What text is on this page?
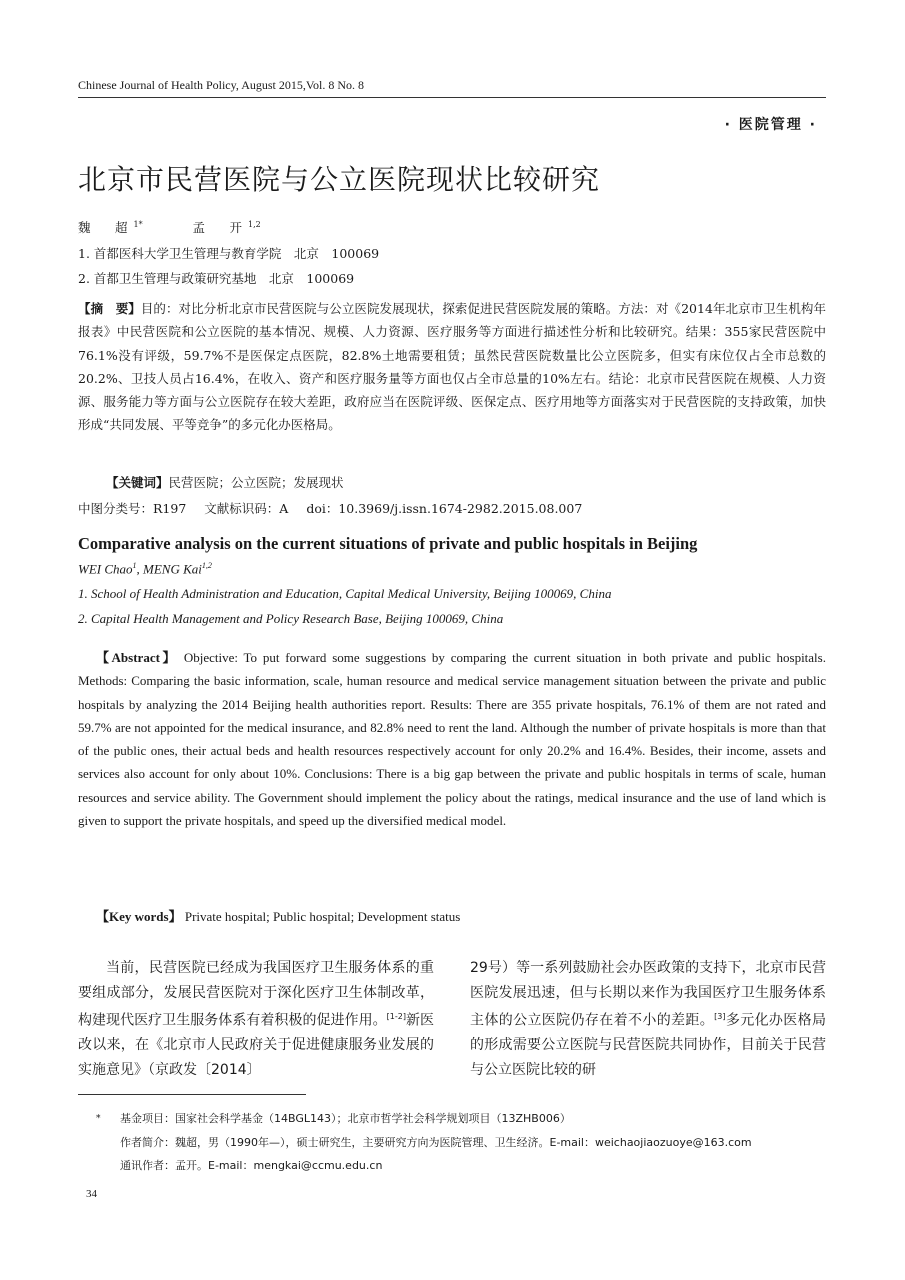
Chinese Journal of Health Policy, August 2015,Vol. 8 No. 8
· 医院管理 ·
北京市民营医院与公立医院现状比较研究
魏　超$^{1*}$	孟　开$^{1,2}$
1. 首都医科大学卫生管理与教育学院　北京　100069
2. 首都卫生管理与政策研究基地　北京　100069
【摘　要】目的：对比分析北京市民营医院与公立医院发展现状，探索促进民营医院发展的策略。方法：对《2014年北京市卫生机构年报表》中民营医院和公立医院的基本情况、规模、人力资源、医疗服务等方面进行描述性分析和比较研究。结果：355家民营医院中76.1%没有评级，59.7%不是医保定点医院，82.8%土地需要租赁；虽然民营医院数量比公立医院多，但实有床位仅占全市总数的20.2%、卫技人员占16.4%，在收入、资产和医疗服务量等方面也仅占全市总量的10%左右。结论：北京市民营医院在规模、人力资源、服务能力等方面与公立医院存在较大差距，政府应当在医院评级、医保定点、医疗用地等方面落实对于民营医院的支持政策，加快形成“共同发展、平等竞争”的多元化办医格局。
【关键词】民营医院；公立医院；发展现状
中图分类号：R197 文献标识码：A doi：10.3969/j.issn.1674-2982.2015.08.007
Comparative analysis on the current situations of private and public hospitals in Beijing
WEI Chao$^1$, MENG Kai$^{1,2}$
1. School of Health Administration and Education, Capital Medical University, Beijing 100069, China
2. Capital Health Management and Policy Research Base, Beijing 100069, China
【Abstract】 Objective: To put forward some suggestions by comparing the current situation in both private and public hospitals. Methods: Comparing the basic information, scale, human resource and medical service management situation between the private and public hospitals by analyzing the 2014 Beijing health authorities report. Results: There are 355 private hospitals, 76.1% of them are not rated and 59.7% are not appointed for the medical insurance, and 82.8% need to rent the land. Although the number of private hospitals is more than that of the public ones, their actual beds and health resources respectively account for only 20.2% and 16.4%. Besides, their income, assets and services also account for only about 10%. Conclusions: There is a big gap between the private and public hospitals in terms of scale, human resources and service ability. The Government should implement the policy about the ratings, medical insurance and the use of land which is given to support the private hospitals, and speed up the diversified medical model.
【Key words】 Private hospital; Public hospital; Development status
当前，民营医院已经成为我国医疗卫生服务体系的重要组成部分，发展民营医院对于深化医疗卫生体制改革，构建现代医疗卫生服务体系有着积极的促进作用。[1-2]新医改以来，在《北京市人民政府关于促进健康服务业发展的实施意见》（京政发〔2014〕
29号）等一系列鼓励社会办医政策的支持下，北京市民营医院发展迅速，但与长期以来作为我国医疗卫生服务体系主体的公立医院仍存在着不小的差距。[3]多元化办医格局的形成需要公立医院与民营医院共同协作，目前关于民营与公立医院比较的研
* 基金项目：国家社会科学基金（14BGL143）；北京市哲学社会科学规划项目（13ZHB006）
作者简介：魏超，男（1990年—），硕士研究生，主要研究方向为医院管理、卫生经济。E-mail：weichaojiaozuoye@163.com
通讯作者：孟开。E-mail：mengkai@ccmu.edu.cn
34
